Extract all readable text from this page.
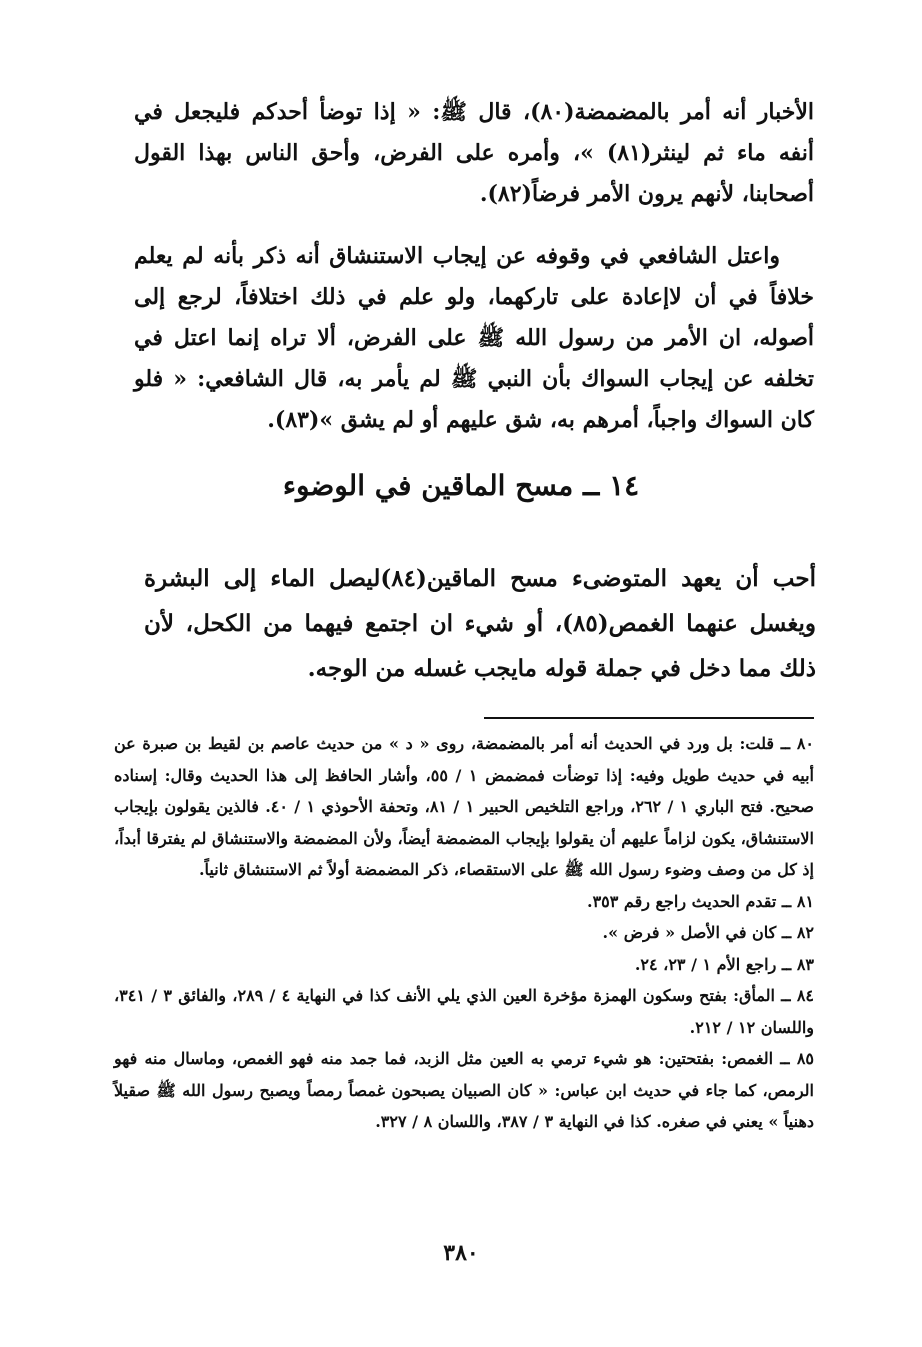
الأخبار أنه أمر بالمضمضة(٨٠)، قال ﷺ: « إذا توضأ أحدكم فليجعل في أنفه ماء ثم لينثر(٨١) »، وأمره على الفرض، وأحق الناس بهذا القول أصحابنا، لأنهم يرون الأمر فرضاً(٨٢).

واعتل الشافعي في وقوفه عن إيجاب الاستنشاق أنه ذكر بأنه لم يعلم خلافاً في أن لاإعادة على تاركهما، ولو علم في ذلك اختلافاً، لرجع إلى أصوله، ان الأمر من رسول الله ﷺ على الفرض، ألا تراه إنما اعتل في تخلفه عن إيجاب السواك بأن النبي ﷺ لم يأمر به، قال الشافعي: « فلو كان السواك واجباً، أمرهم به، شق عليهم أو لم يشق »(٨٣).

١٤ ــ مسح الماقين في الوضوء

أحب أن يعهد المتوضىء مسح الماقين(٨٤)ليصل الماء إلى البشرة ويغسل عنهما الغمص(٨٥)، أو شيء ان اجتمع فيهما من الكحل، لأن ذلك مما دخل في جملة قوله مايجب غسله من الوجه.

٨٠ ــ قلت: بل ورد في الحديث أنه أمر بالمضمضة، روى « د » من حديث عاصم بن لقيط بن صبرة عن أبيه في حديث طويل وفيه: إذا توضأت فمضمض ١ / ٥٥، وأشار الحافظ إلى هذا الحديث وقال: إسناده صحيح. فتح الباري ١ / ٢٦٢، وراجع التلخيص الحبير ١ / ٨١، وتحفة الأحوذي ١ / ٤٠. فالذين يقولون بإيجاب الاستنشاق، يكون لزاماً عليهم أن يقولوا بإيجاب المضمضة أيضاً، ولأن المضمضة والاستنشاق لم يفترقا أبداً، إذ كل من وصف وضوء رسول الله ﷺ على الاستقصاء، ذكر المضمضة أولاً ثم الاستنشاق ثانياً.

٨١ ــ تقدم الحديث راجع رقم ٣٥٣.

٨٢ ــ كان في الأصل « فرض ».

٨٣ ــ راجع الأم ١ / ٢٣، ٢٤.

٨٤ ــ المأق: بفتح وسكون الهمزة مؤخرة العين الذي يلي الأنف كذا في النهاية ٤ / ٢٨٩، والفائق ٣ / ٣٤١، واللسان ١٢ / ٢١٢.

٨٥ ــ الغمص: بفتحتين: هو شيء ترمي به العين مثل الزبد، فما جمد منه فهو الغمص، وماسال منه فهو الرمص، كما جاء في حديث ابن عباس: « كان الصبيان يصبحون غمصاً رمصاً ويصبح رسول الله ﷺ صقيلاً دهنياً » يعني في صغره. كذا في النهاية ٣ / ٣٨٧، واللسان ٨ / ٣٢٧.

٣٨٠
